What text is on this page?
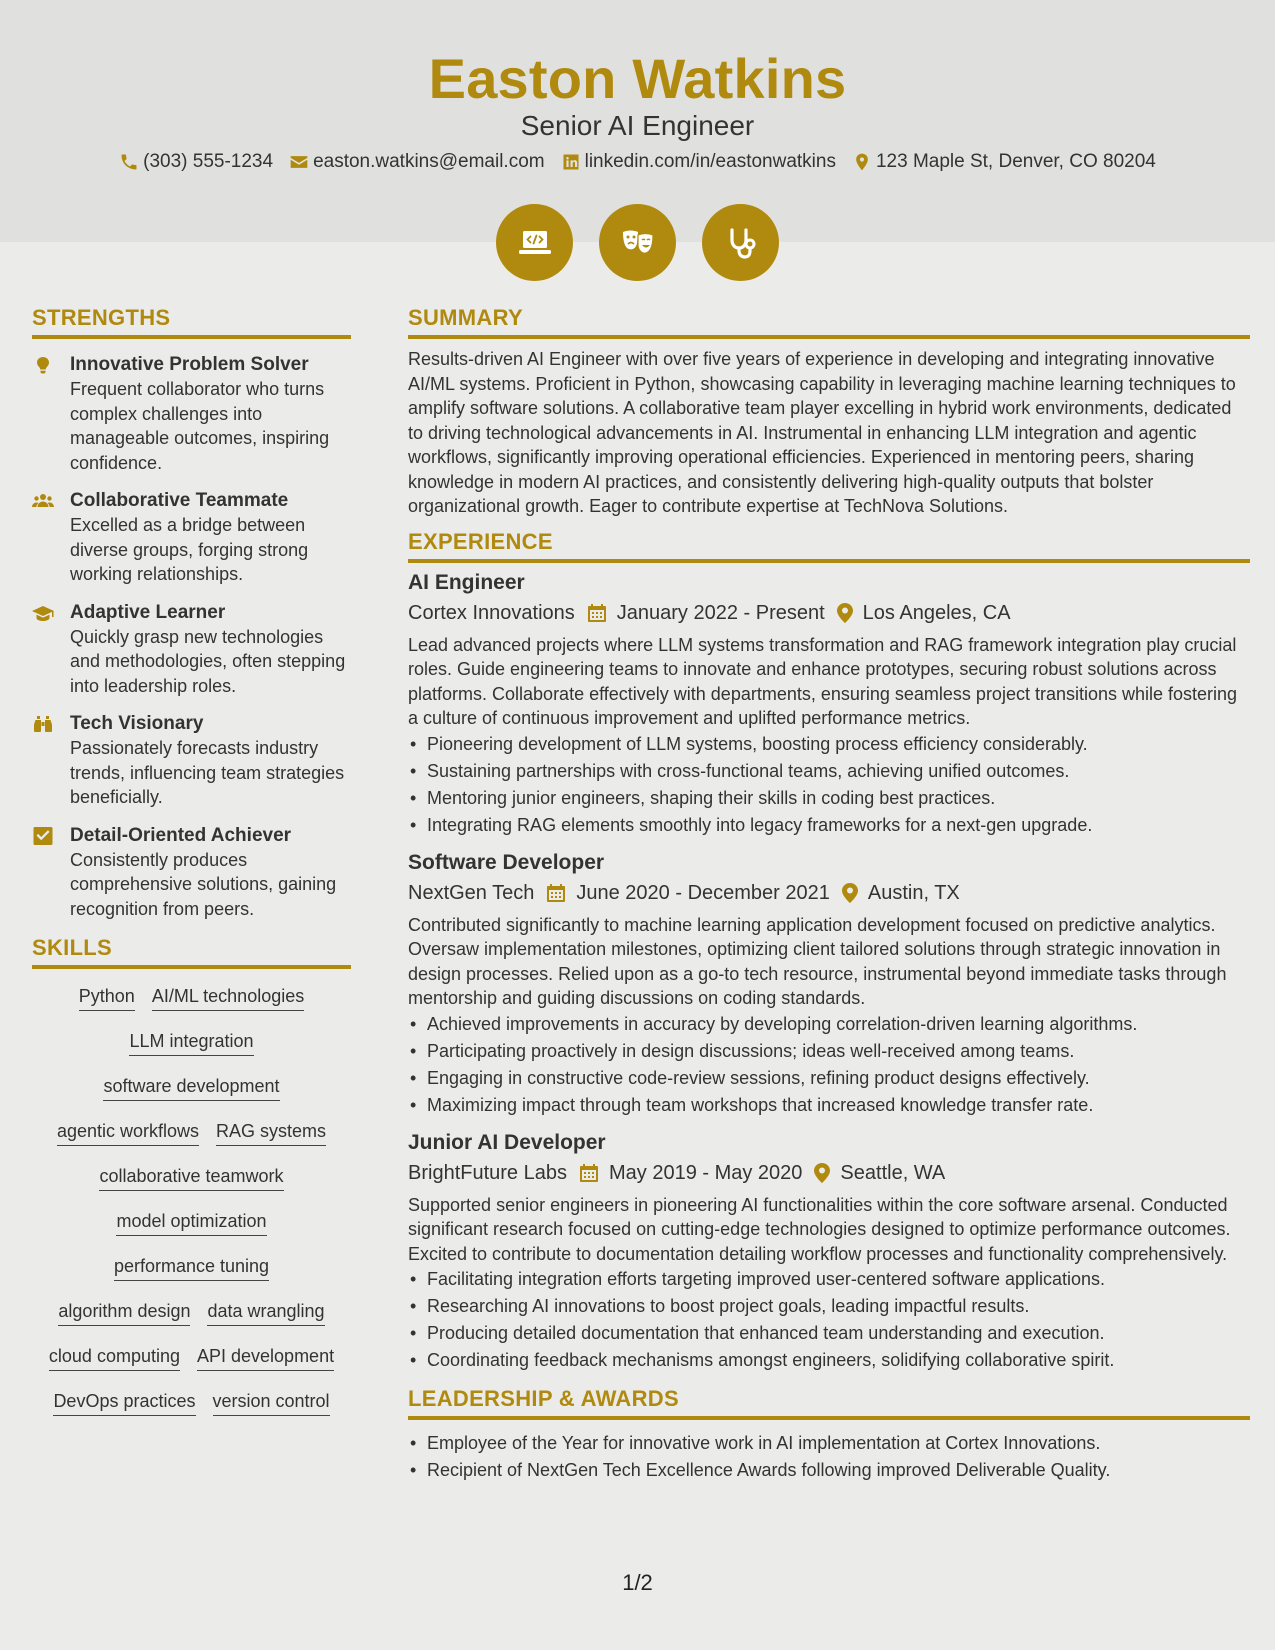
Easton Watkins
Senior AI Engineer
(303) 555-1234 easton.watkins@email.com linkedin.com/in/eastonwatkins 123 Maple St, Denver, CO 80204
STRENGTHS
Innovative Problem Solver
Frequent collaborator who turns complex challenges into manageable outcomes, inspiring confidence.
Collaborative Teammate
Excelled as a bridge between diverse groups, forging strong working relationships.
Adaptive Learner
Quickly grasp new technologies and methodologies, often stepping into leadership roles.
Tech Visionary
Passionately forecasts industry trends, influencing team strategies beneficially.
Detail-Oriented Achiever
Consistently produces comprehensive solutions, gaining recognition from peers.
SKILLS
Python AI/ML technologies
LLM integration
software development
agentic workflows RAG systems
collaborative teamwork
model optimization
performance tuning
algorithm design data wrangling
cloud computing API development
DevOps practices version control
SUMMARY
Results-driven AI Engineer with over five years of experience in developing and integrating innovative AI/ML systems. Proficient in Python, showcasing capability in leveraging machine learning techniques to amplify software solutions. A collaborative team player excelling in hybrid work environments, dedicated to driving technological advancements in AI. Instrumental in enhancing LLM integration and agentic workflows, significantly improving operational efficiencies. Experienced in mentoring peers, sharing knowledge in modern AI practices, and consistently delivering high-quality outputs that bolster organizational growth. Eager to contribute expertise at TechNova Solutions.
EXPERIENCE
AI Engineer
Cortex Innovations January 2022 - Present Los Angeles, CA
Lead advanced projects where LLM systems transformation and RAG framework integration play crucial roles. Guide engineering teams to innovate and enhance prototypes, securing robust solutions across platforms. Collaborate effectively with departments, ensuring seamless project transitions while fostering a culture of continuous improvement and uplifted performance metrics.
• Pioneering development of LLM systems, boosting process efficiency considerably.
• Sustaining partnerships with cross-functional teams, achieving unified outcomes.
• Mentoring junior engineers, shaping their skills in coding best practices.
• Integrating RAG elements smoothly into legacy frameworks for a next-gen upgrade.
Software Developer
NextGen Tech June 2020 - December 2021 Austin, TX
Contributed significantly to machine learning application development focused on predictive analytics. Oversaw implementation milestones, optimizing client tailored solutions through strategic innovation in design processes. Relied upon as a go-to tech resource, instrumental beyond immediate tasks through mentorship and guiding discussions on coding standards.
• Achieved improvements in accuracy by developing correlation-driven learning algorithms.
• Participating proactively in design discussions; ideas well-received among teams.
• Engaging in constructive code-review sessions, refining product designs effectively.
• Maximizing impact through team workshops that increased knowledge transfer rate.
Junior AI Developer
BrightFuture Labs May 2019 - May 2020 Seattle, WA
Supported senior engineers in pioneering AI functionalities within the core software arsenal. Conducted significant research focused on cutting-edge technologies designed to optimize performance outcomes. Excited to contribute to documentation detailing workflow processes and functionality comprehensively.
• Facilitating integration efforts targeting improved user-centered software applications.
• Researching AI innovations to boost project goals, leading impactful results.
• Producing detailed documentation that enhanced team understanding and execution.
• Coordinating feedback mechanisms amongst engineers, solidifying collaborative spirit.
LEADERSHIP & AWARDS
• Employee of the Year for innovative work in AI implementation at Cortex Innovations.
• Recipient of NextGen Tech Excellence Awards following improved Deliverable Quality.
1/2
